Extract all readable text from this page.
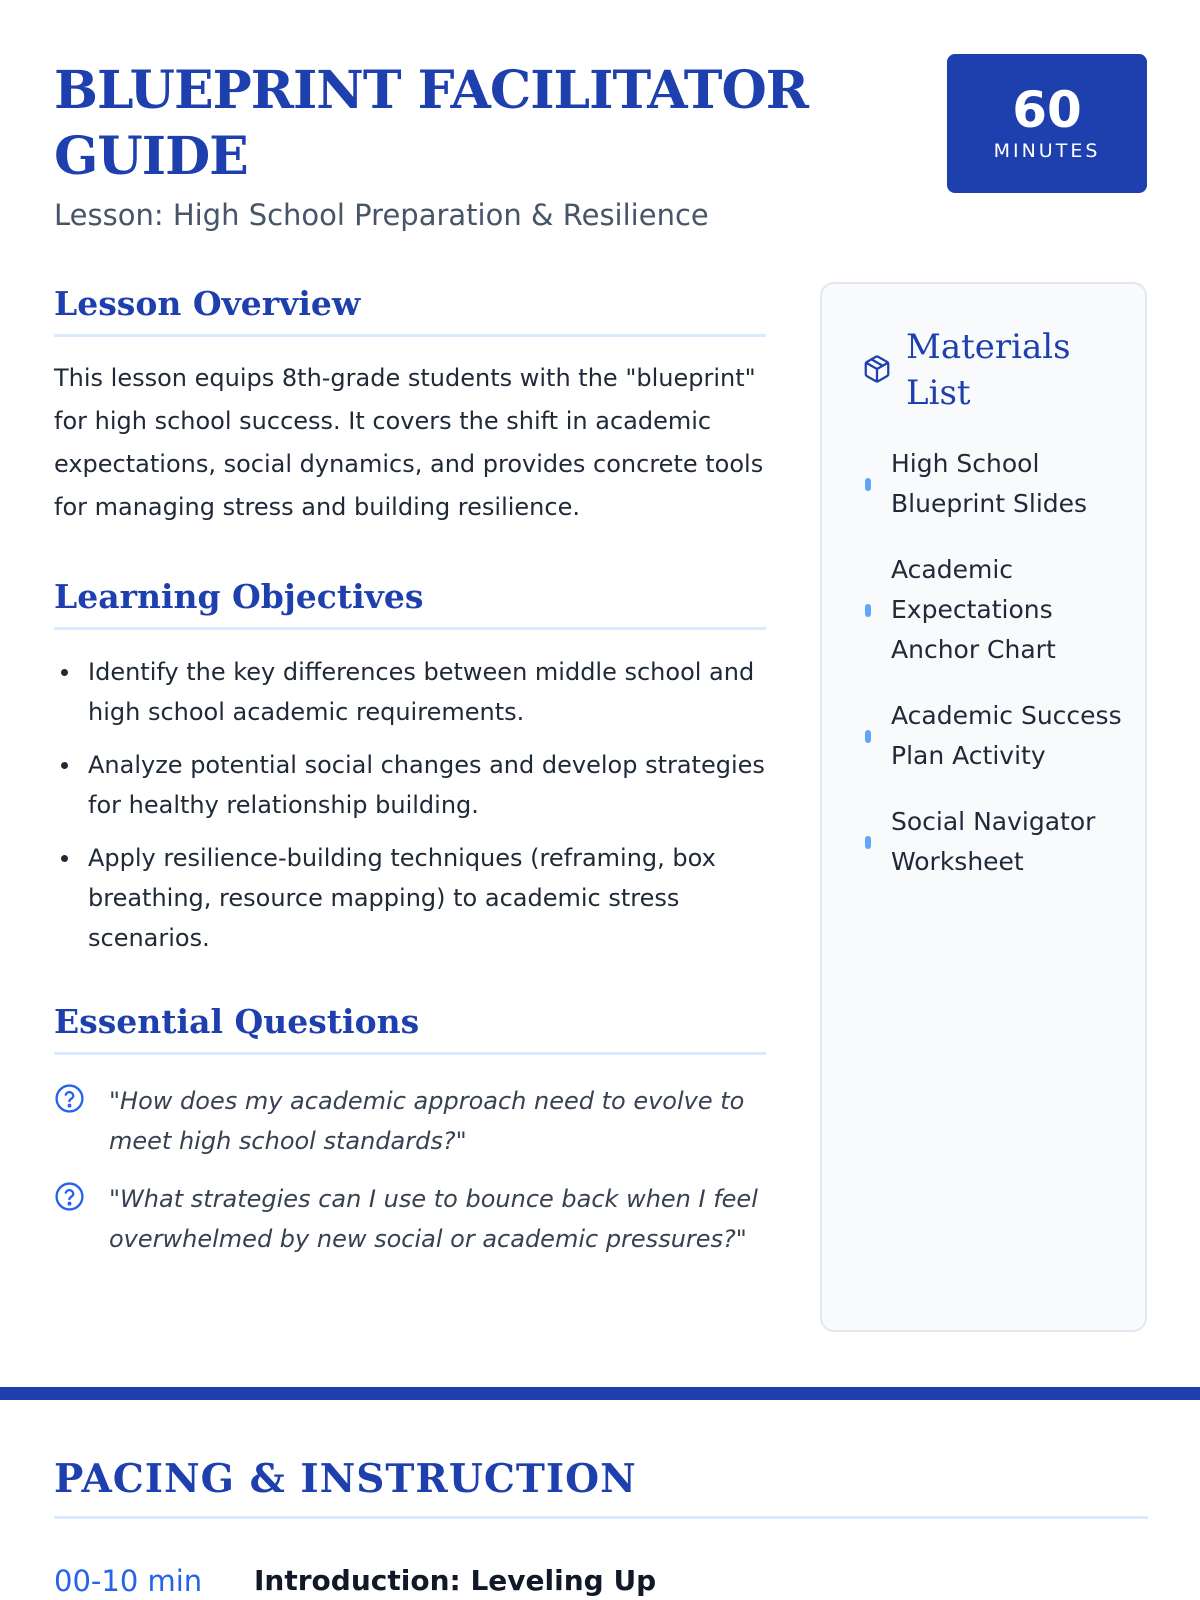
BLUEPRINT FACILITATOR
GUIDE
Lesson: High School Preparation & Resilience
60
MINUTES
Lesson Overview

This lesson equips 8th-grade students with the "blueprint" for high school success. It covers the shift in academic expectations, social dynamics, and provides concrete tools for managing stress and building resilience.

Learning Objectives
Identify the key differences between middle school and high school academic requirements.
Analyze potential social changes and develop strategies for healthy relationship building.
Apply resilience-building techniques (reframing, box breathing, resource mapping) to academic stress scenarios.
Essential Questions
"How does my academic approach need to evolve to meet high school standards?"
"What strategies can I use to bounce back when I feel overwhelmed by new social or academic pressures?"
Materials List
High School Blueprint Slides
Academic Expectations Anchor Chart
Academic Success Plan Activity
Social Navigator Worksheet
PACING & INSTRUCTION
00-10 min Introduction: Leveling Up
